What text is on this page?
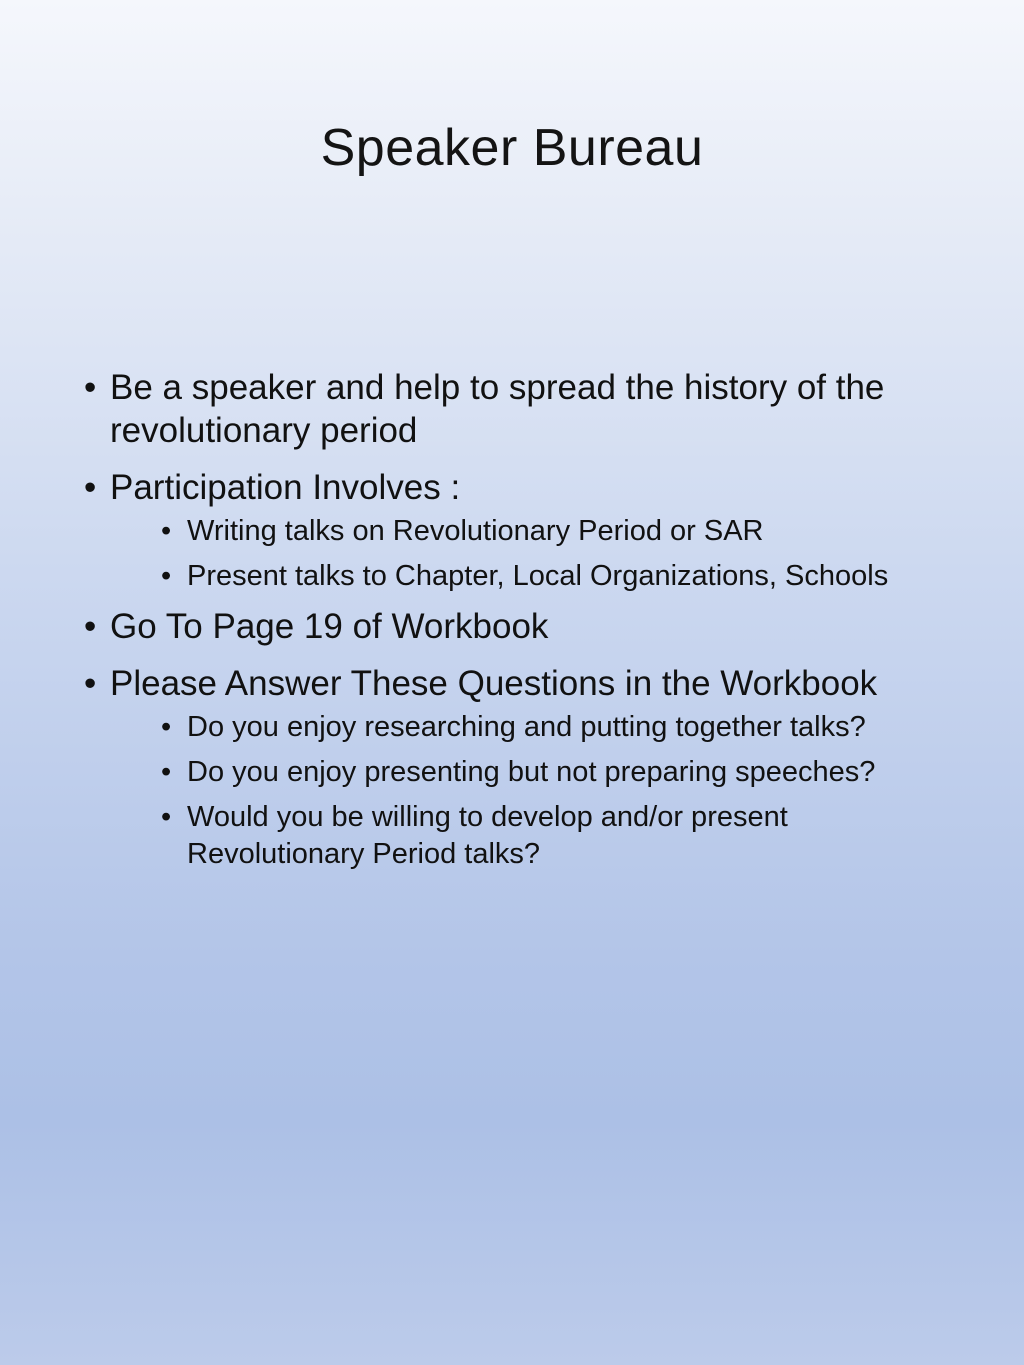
Speaker Bureau
• Be a speaker and help to spread the history of the revolutionary period
• Participation Involves :
• Writing talks on Revolutionary Period or SAR
• Present talks to Chapter, Local Organizations, Schools
• Go To Page 19 of Workbook
• Please Answer These Questions in the Workbook
• Do you enjoy researching and putting together talks?
• Do you enjoy presenting but not preparing speeches?
• Would you be willing to develop and/or present Revolutionary Period talks?
